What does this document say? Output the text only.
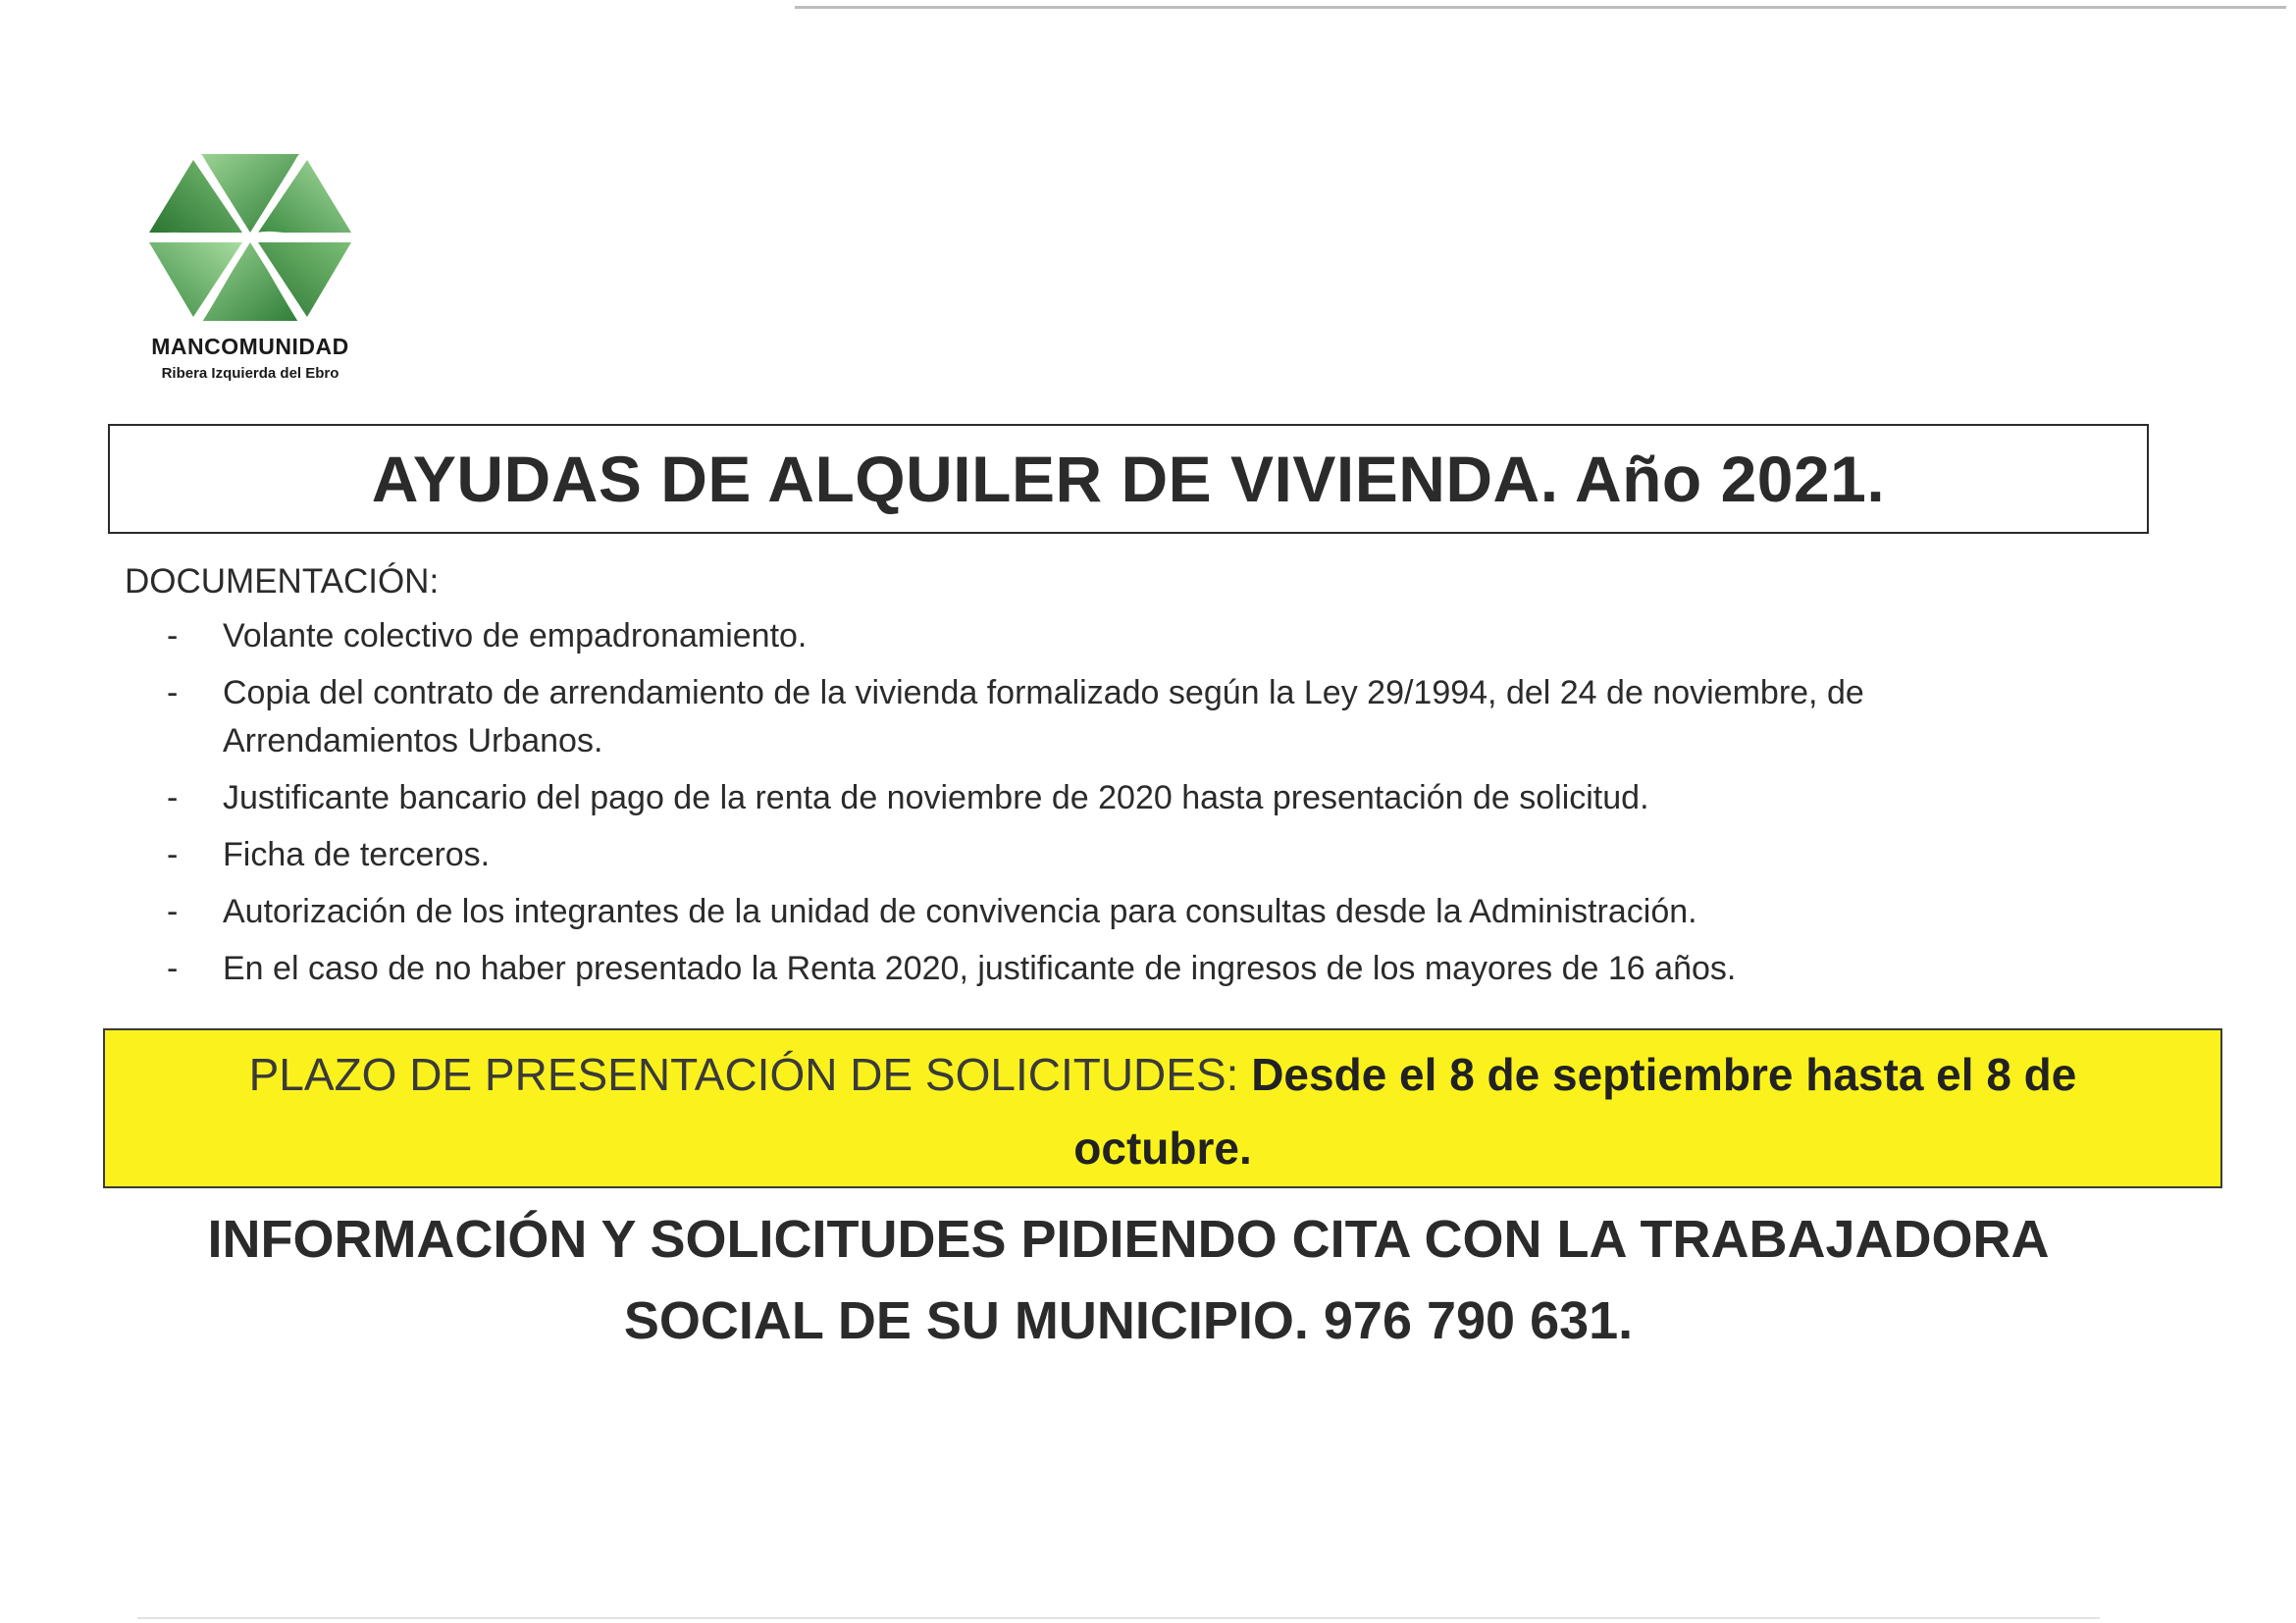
MANCOMUNIDAD
Ribera Izquierda del Ebro
AYUDAS DE ALQUILER DE VIVIENDA. Año 2021.
DOCUMENTACIÓN:
- Volante colectivo de empadronamiento.
- Copia del contrato de arrendamiento de la vivienda formalizado según la Ley 29/1994, del 24 de noviembre, de Arrendamientos Urbanos.
- Justificante bancario del pago de la renta de noviembre de 2020 hasta presentación de solicitud.
- Ficha de terceros.
- Autorización de los integrantes de la unidad de convivencia para consultas desde la Administración.
- En el caso de no haber presentado la Renta 2020, justificante de ingresos de los mayores de 16 años.
PLAZO DE PRESENTACIÓN DE SOLICITUDES: Desde el 8 de septiembre hasta el 8 de octubre.
INFORMACIÓN Y SOLICITUDES PIDIENDO CITA CON LA TRABAJADORA SOCIAL DE SU MUNICIPIO. 976 790 631.
